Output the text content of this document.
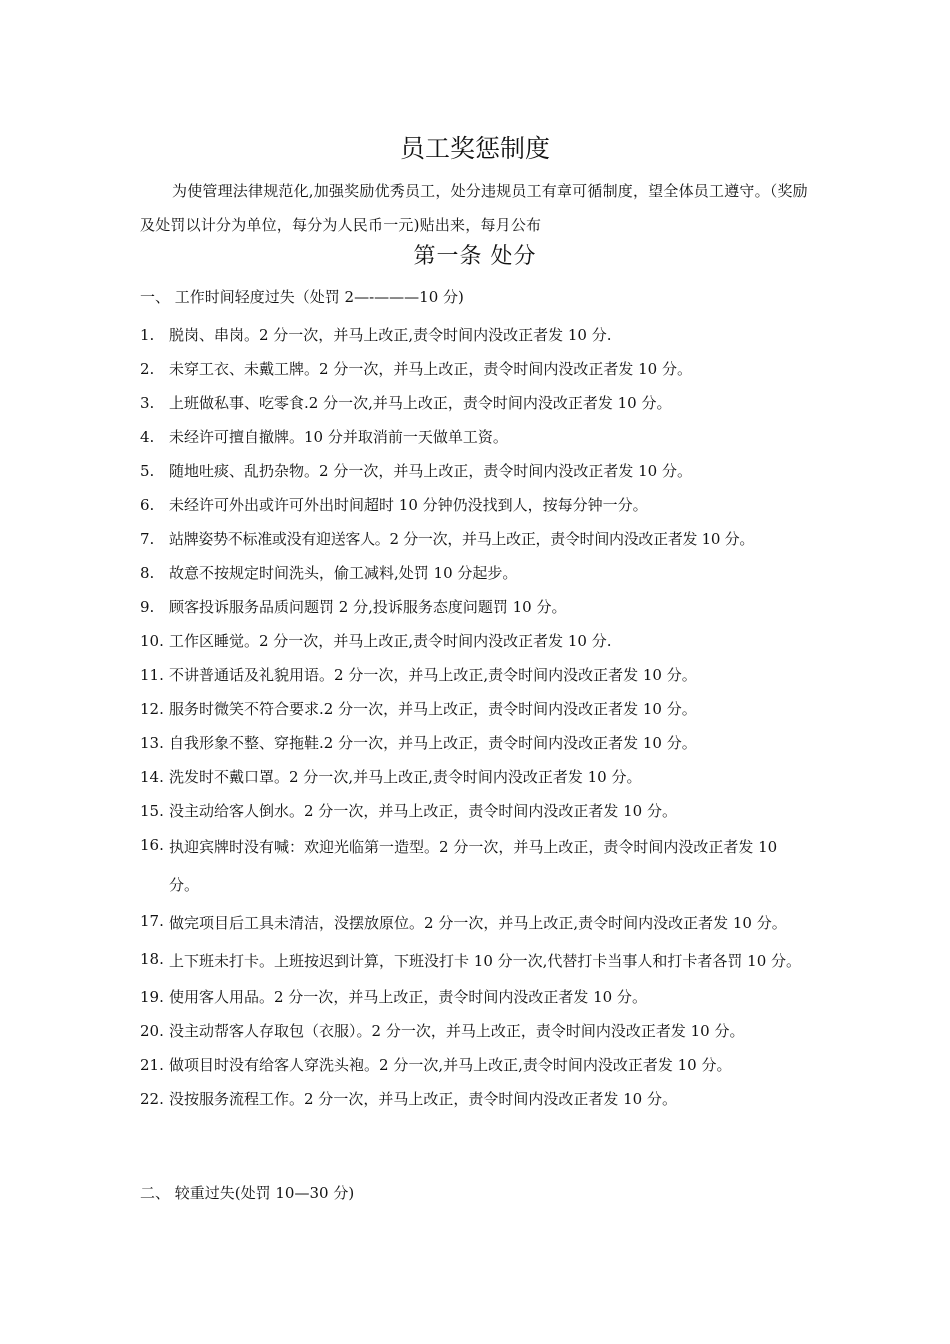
员工奖惩制度
为使管理法律规范化,加强奖励优秀员工，处分违规员工有章可循制度，望全体员工遵守。（奖励及处罚以计分为单位，每分为人民币一元)贴出来，每月公布
第一条 处分
一、 工作时间轻度过失（处罚 2—-———10 分)
1. 脱岗、串岗。2 分一次，并马上改正,责令时间内没改正者发 10 分.
2. 未穿工衣、未戴工牌。2 分一次，并马上改正，责令时间内没改正者发 10 分。
3. 上班做私事、吃零食.2 分一次,并马上改正，责令时间内没改正者发 10 分。
4. 未经许可擅自撤牌。10 分并取消前一天做单工资。
5. 随地吐痰、乱扔杂物。2 分一次，并马上改正，责令时间内没改正者发 10 分。
6. 未经许可外出或许可外出时间超时 10 分钟仍没找到人，按每分钟一分。
7. 站牌姿势不标准或没有迎送客人。2 分一次，并马上改正，责令时间内没改正者发 10 分。
8. 故意不按规定时间洗头，偷工减料,处罚 10 分起步。
9. 顾客投诉服务品质问题罚 2 分,投诉服务态度问题罚 10 分。
10. 工作区睡觉。2 分一次，并马上改正,责令时间内没改正者发 10 分.
11. 不讲普通话及礼貌用语。2 分一次，并马上改正,责令时间内没改正者发 10 分。
12. 服务时微笑不符合要求.2 分一次，并马上改正，责令时间内没改正者发 10 分。
13. 自我形象不整、穿拖鞋.2 分一次，并马上改正，责令时间内没改正者发 10 分。
14. 洗发时不戴口罩。2 分一次,并马上改正,责令时间内没改正者发 10 分。
15. 没主动给客人倒水。2 分一次，并马上改正，责令时间内没改正者发 10 分。
16. 执迎宾牌时没有喊：欢迎光临第一造型。2 分一次，并马上改正，责令时间内没改正者发 10 分。
17. 做完项目后工具未清洁，没摆放原位。2 分一次，并马上改正,责令时间内没改正者发 10 分。
18. 上下班未打卡。上班按迟到计算，下班没打卡 10 分一次,代替打卡当事人和打卡者各罚 10 分。
19. 使用客人用品。2 分一次，并马上改正，责令时间内没改正者发 10 分。
20. 没主动帮客人存取包（衣服）。2 分一次，并马上改正，责令时间内没改正者发 10 分。
21. 做项目时没有给客人穿洗头袍。2 分一次,并马上改正,责令时间内没改正者发 10 分。
22. 没按服务流程工作。2 分一次，并马上改正，责令时间内没改正者发 10 分。
二、 较重过失(处罚 10—30 分)
